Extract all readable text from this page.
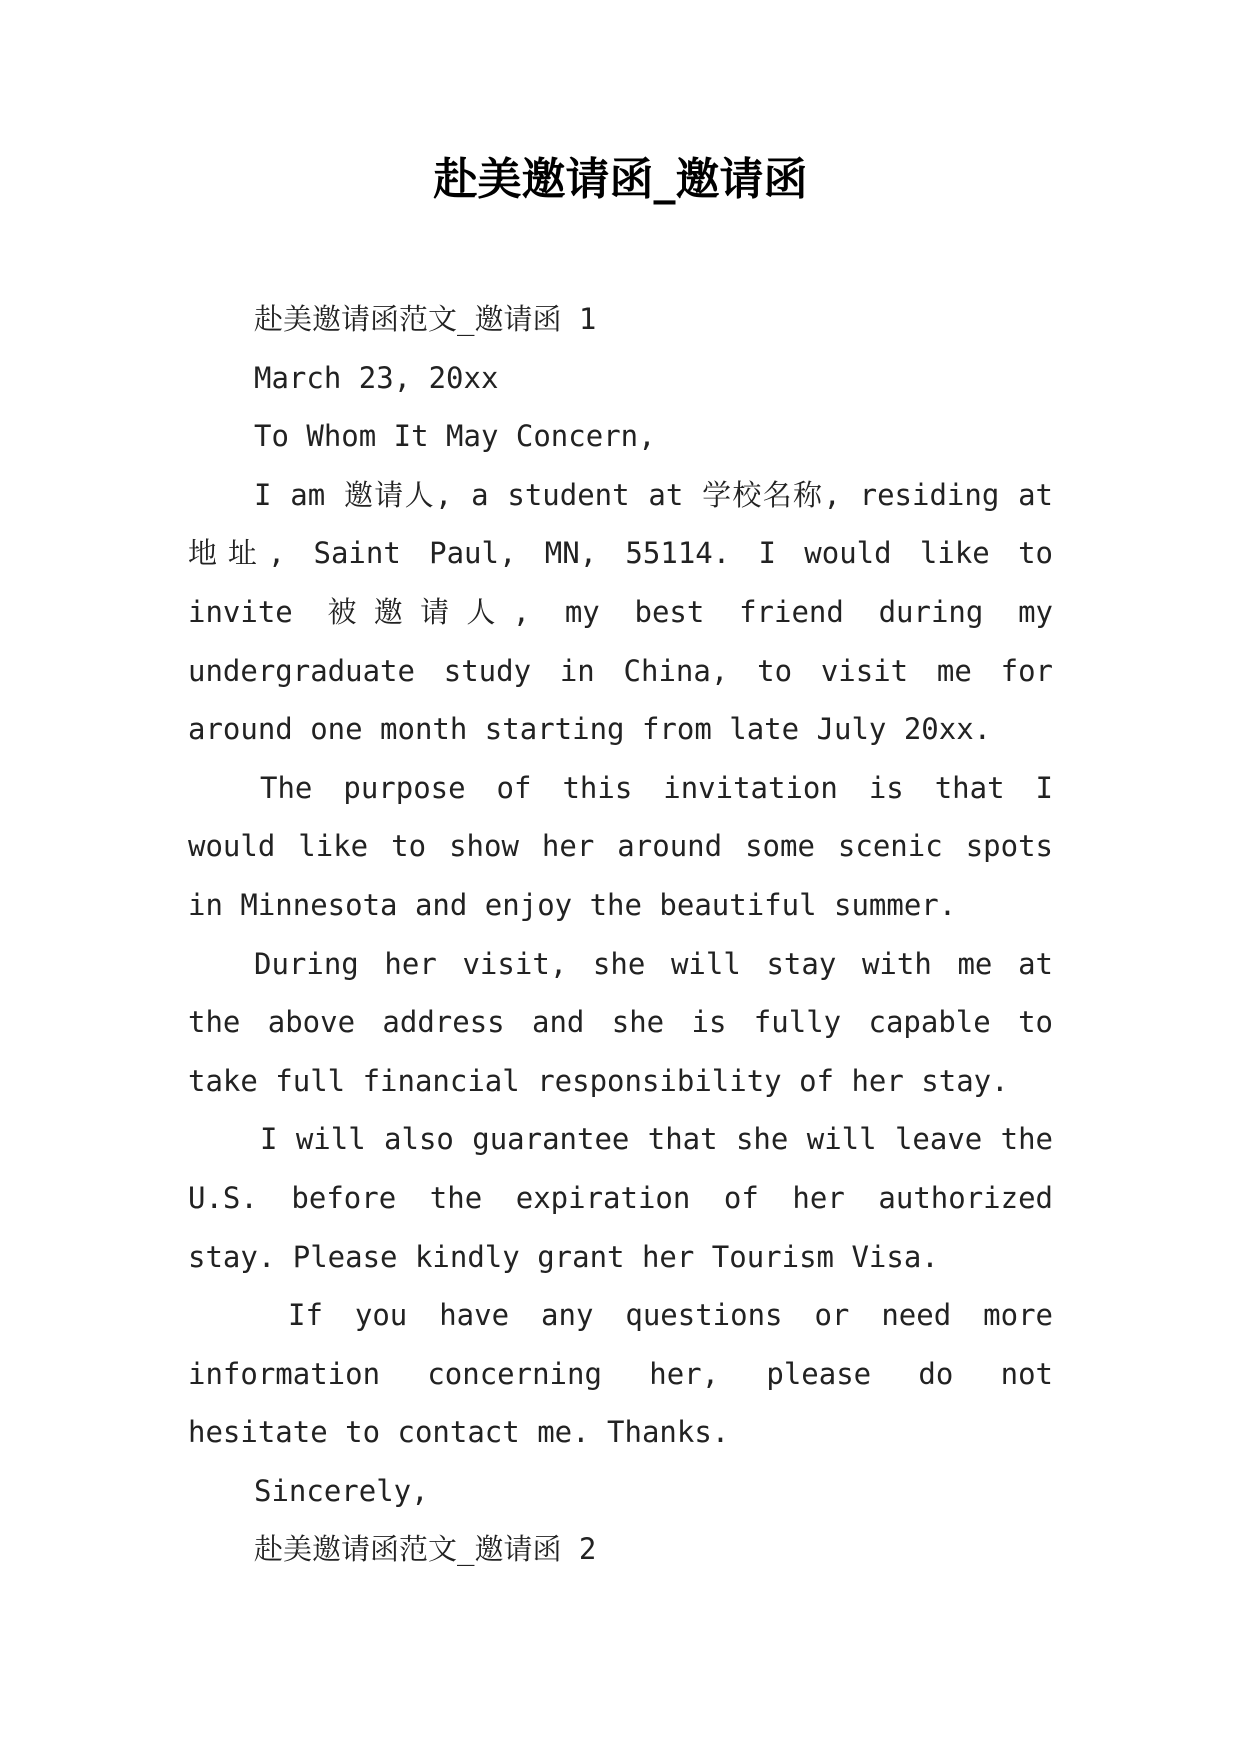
赴美邀请函_邀请函

赴美邀请函范文_邀请函 1

March 23, 20xx

To Whom It May Concern,

I am 邀请人, a student at 学校名称, residing at 地址, Saint Paul, MN, 55114. I would like to invite 被邀请人, my best friend during my undergraduate study in China, to visit me for around one month starting from late July 20xx.

The purpose of this invitation is that I would like to show her around some scenic spots in Minnesota and enjoy the beautiful summer.

During her visit, she will stay with me at the above address and she is fully capable to take full financial responsibility of her stay.

I will also guarantee that she will leave the U.S. before the expiration of her authorized stay. Please kindly grant her Tourism Visa.

If you have any questions or need more information concerning her, please do not hesitate to contact me. Thanks.

Sincerely,

赴美邀请函范文_邀请函 2
